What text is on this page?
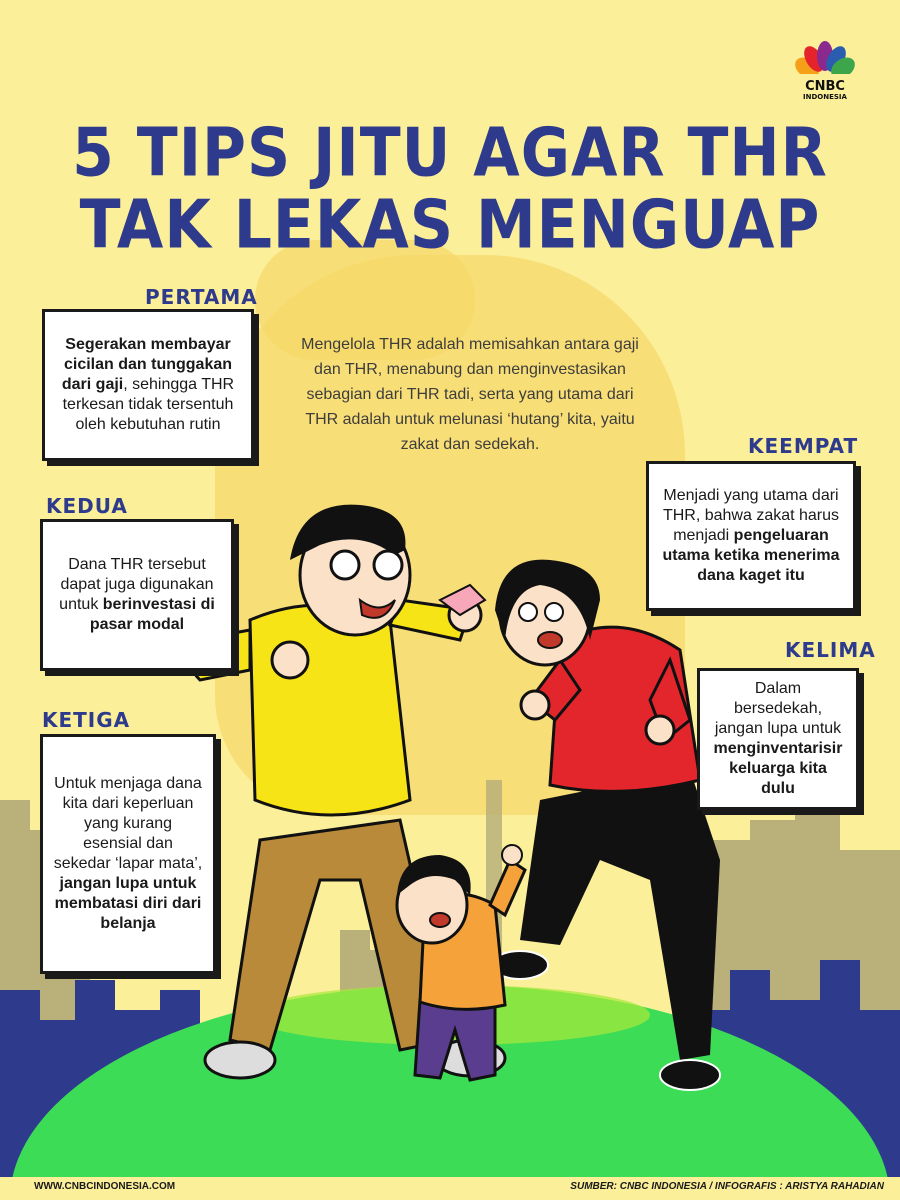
CNBC
INDONESIA
5 TIPS JITU AGAR THR
TAK LEKAS MENGUAP
Mengelola THR adalah memisahkan antara gaji dan THR, menabung dan menginvestasikan sebagian dari THR tadi, serta yang utama dari THR adalah untuk melunasi ‘hutang’ kita, yaitu zakat dan sedekah.
PERTAMA
Segerakan membayar cicilan dan tunggakan dari gaji, sehingga THR terkesan tidak tersentuh oleh kebutuhan rutin
KEDUA
Dana THR tersebut dapat juga digunakan untuk berinvestasi di pasar modal
KETIGA
Untuk menjaga dana kita dari keperluan yang kurang esensial dan sekedar ‘lapar mata’, jangan lupa untuk membatasi diri dari belanja
KEEMPAT
Menjadi yang utama dari THR, bahwa zakat harus menjadi pengeluaran utama ketika menerima dana kaget itu
KELIMA
Dalam bersedekah, jangan lupa untuk menginventarisir keluarga kita dulu
WWW.CNBCINDONESIA.COM	SUMBER: CNBC INDONESIA / INFOGRAFIS : ARISTYA RAHADIAN
